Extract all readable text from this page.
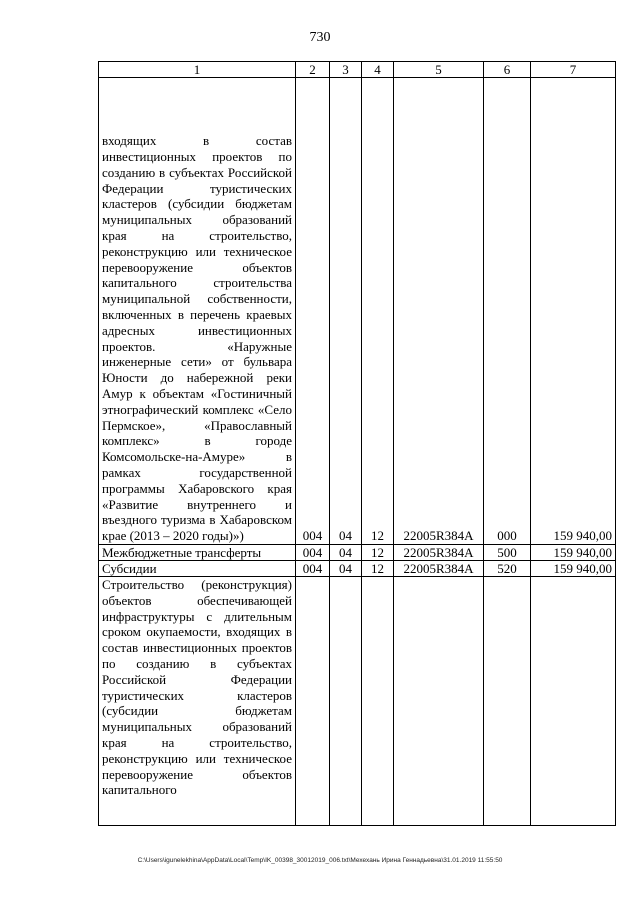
730
1	2	3	4	5	6	7

входящих в состав инвестиционных проектов по созданию в субъектах Российской Федерации туристических кластеров (субсидии бюджетам муниципальных образований края на строительство, реконструкцию или техническое перевооружение объектов капитального строительства муниципальной собственности, включенных в перечень краевых адресных инвестиционных проектов. «Наружные инженерные сети» от бульвара Юности до набережной реки Амур к объектам «Гостиничный этнографический комплекс «Село Пермское», «Православный комплекс» в городе Комсомольске-на-Амуре» в рамках государственной программы Хабаровского края «Развитие внутреннего и въездного туризма в Хабаровском крае (2013 – 2020 годы)»)	004	04	12	22005R384A	000	159 940,00
Межбюджетные трансферты	004	04	12	22005R384A	500	159 940,00
Субсидии	004	04	12	22005R384A	520	159 940,00

Строительство (реконструкция) объектов обеспечивающей инфраструктуры с длительным сроком окупаемости, входящих в состав инвестиционных проектов по созданию в субъектах Российской Федерации туристических кластеров (субсидии бюджетам муниципальных образований края на строительство, реконструкцию или техническое перевооружение объектов капитального						

C:\Users\igunelekhina\AppData\Local\Temp\IK_00398_30012019_006.txt\Мехехань Ирина Геннадьевна\31.01.2019 11:55:50
